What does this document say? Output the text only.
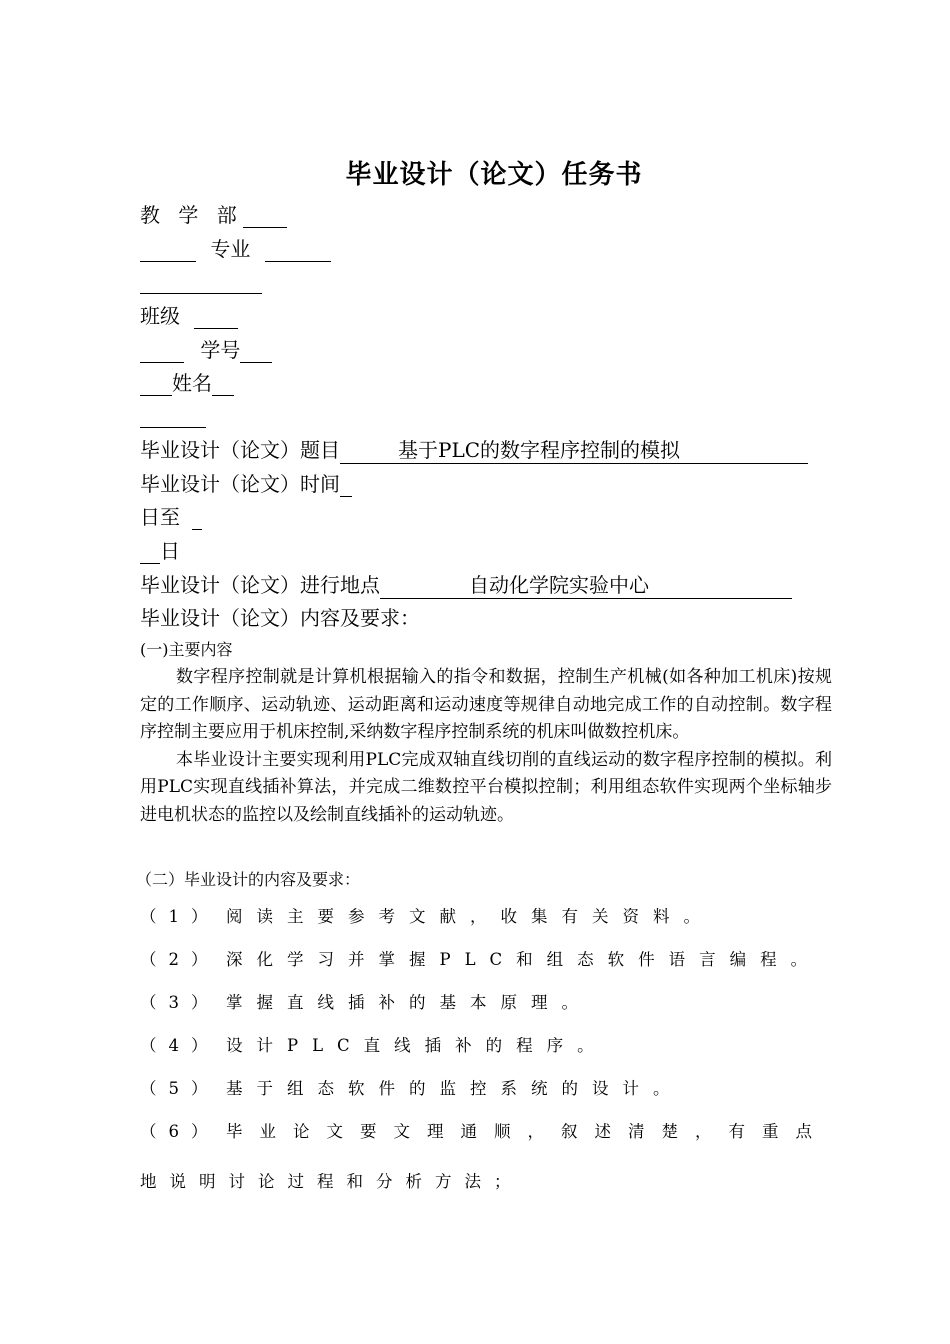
毕业设计（论文）任务书
教 学 部
专业
班级
学号
姓名
毕业设计（论文）题目	基于PLC的数字程序控制的模拟
毕业设计（论文）时间
日至
日
毕业设计（论文）进行地点	自动化学院实验中心
毕业设计（论文）内容及要求：
(一)主要内容

数字程序控制就是计算机根据输入的指令和数据，控制生产机械(如各种加工机床)按规定的工作顺序、运动轨迹、运动距离和运动速度等规律自动地完成工作的自动控制。数字程序控制主要应用于机床控制,采纳数字程序控制系统的机床叫做数控机床。

本毕业设计主要实现利用PLC完成双轴直线切削的直线运动的数字程序控制的模拟。利用PLC实现直线插补算法，并完成二维数控平台模拟控制；利用组态软件实现两个坐标轴步进电机状态的监控以及绘制直线插补的运动轨迹。

（二）毕业设计的内容及要求：
（1） 阅读主要参考文献，收集有关资料。
（2） 深化学习并掌握PLC和组态软件语言编程。
（3） 掌握直线插补的基本原理。
（4） 设计PLC直线插补的程序。
（5） 基于组态软件的监控系统的设计。
（6） 毕业论文要文理通顺，叙述清楚，有重点
地说明讨论过程和分析方法；
